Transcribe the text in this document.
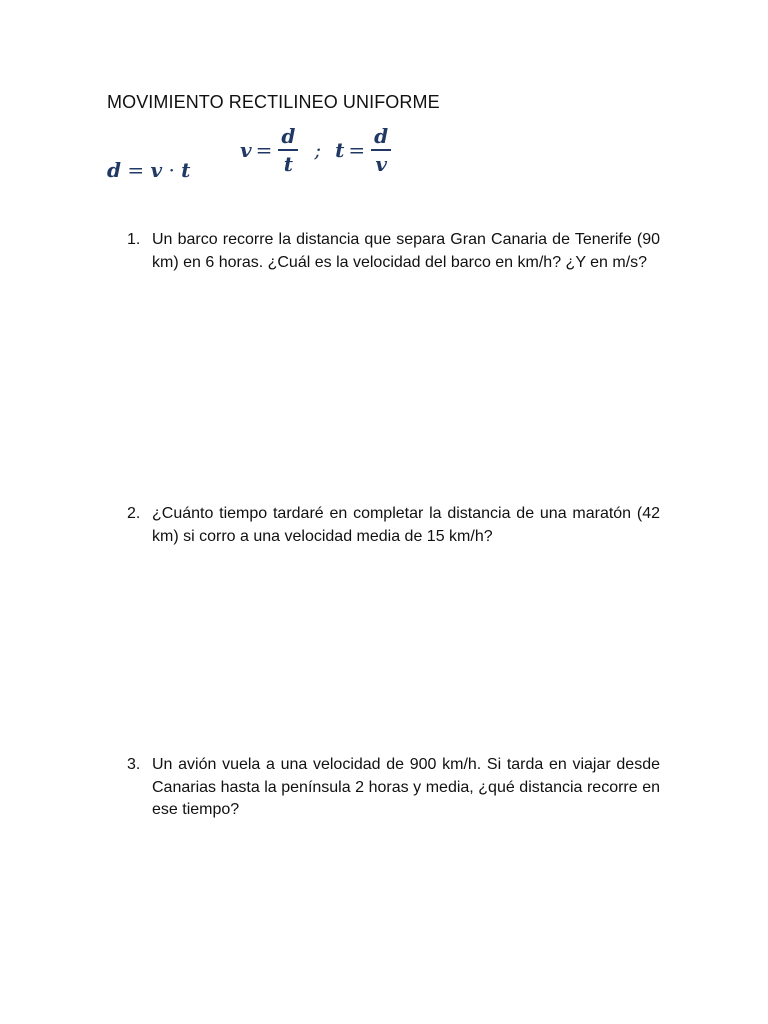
MOVIMIENTO RECTILINEO UNIFORME
d = v · t
$v = \frac{d}{t}$ ; $t = \frac{d}{v}$
1. Un barco recorre la distancia que separa Gran Canaria de Tenerife (90 km) en 6 horas. ¿Cuál es la velocidad del barco en km/h? ¿Y en m/s?
2. ¿Cuánto tiempo tardaré en completar la distancia de una maratón (42 km) si corro a una velocidad media de 15 km/h?
3. Un avión vuela a una velocidad de 900 km/h. Si tarda en viajar desde Canarias hasta la península 2 horas y media, ¿qué distancia recorre en ese tiempo?
